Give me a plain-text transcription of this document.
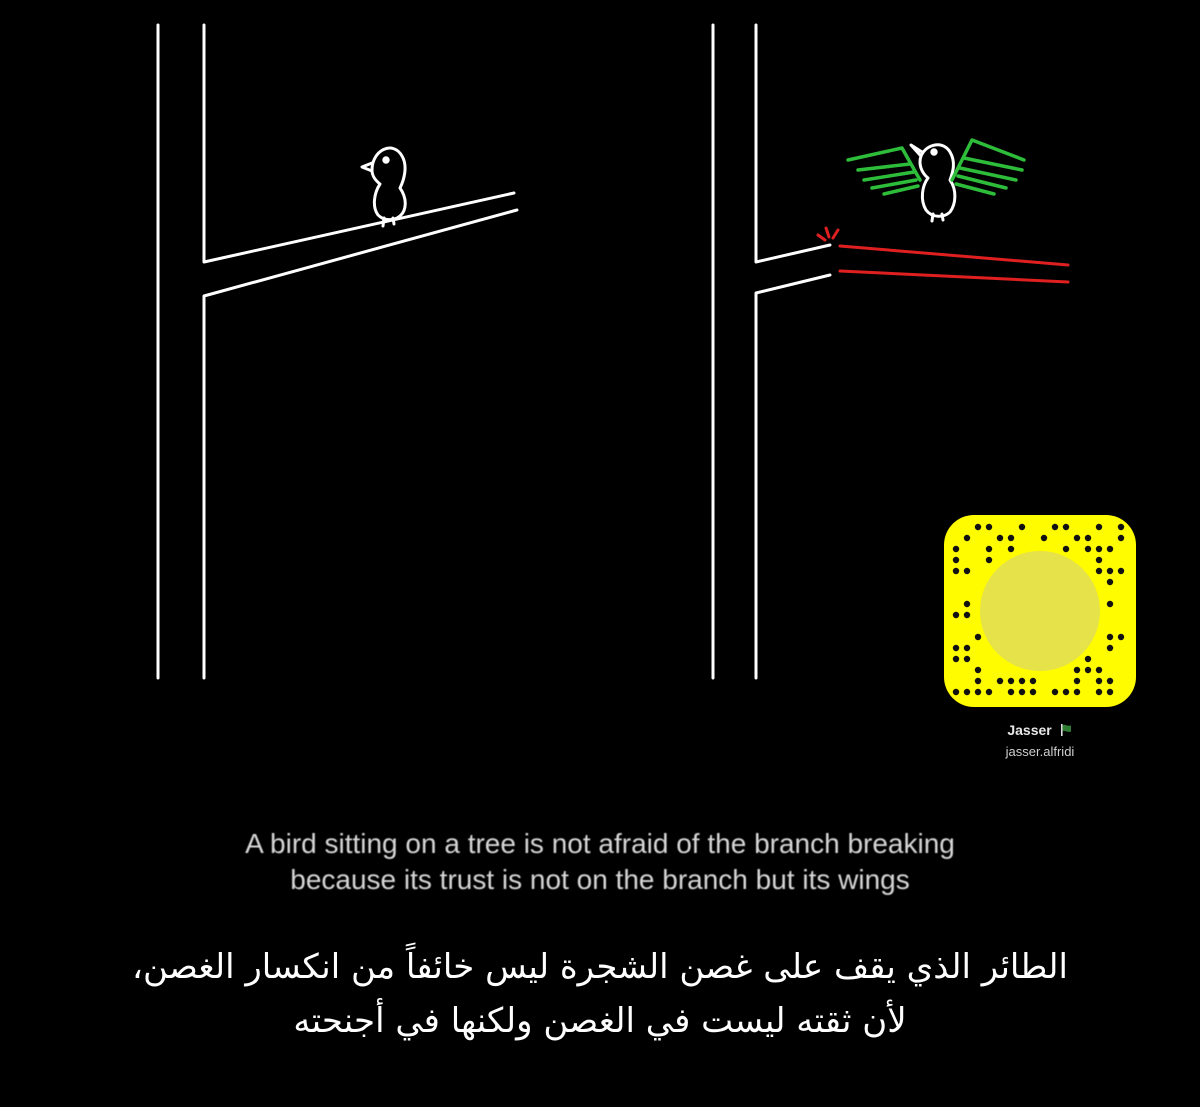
Jasser
jasser.alfridi
A bird sitting on a tree is not afraid of the branch breaking
because its trust is not on the branch but its wings
الطائر الذي يقف على غصن الشجرة ليس خائفاً من انكسار الغصن،
لأن ثقته ليست في الغصن ولكنها في أجنحته
